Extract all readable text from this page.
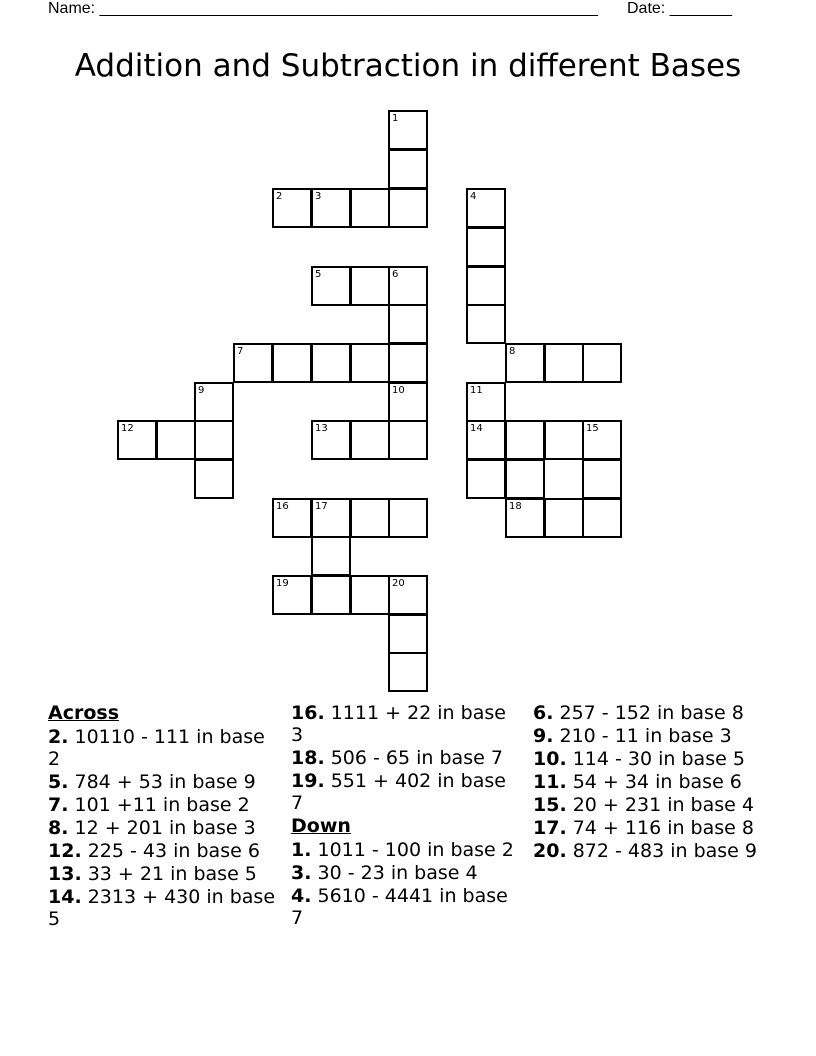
Name: ________________________________________________________ Date: _______
Addition and Subtraction in different Bases
1
2	3	4
5	6
7	8
9	10	11
12	13	14	15
18
16	17
19	20
Across
2. 10110 - 111 in base 2
5. 784 + 53 in base 9
7. 101 +11 in base 2
8. 12 + 201 in base 3
12. 225 - 43 in base 6
13. 33 + 21 in base 5
14. 2313 + 430 in base 5
16. 1111 + 22 in base 3
18. 506 - 65 in base 7
19. 551 + 402 in base 7
Down
1. 1011 - 100 in base 2
3. 30 - 23 in base 4
4. 5610 - 4441 in base 7
6. 257 - 152 in base 8
9. 210 - 11 in base 3
10. 114 - 30 in base 5
11. 54 + 34 in base 6
15. 20 + 231 in base 4
17. 74 + 116 in base 8
20. 872 - 483 in base 9
